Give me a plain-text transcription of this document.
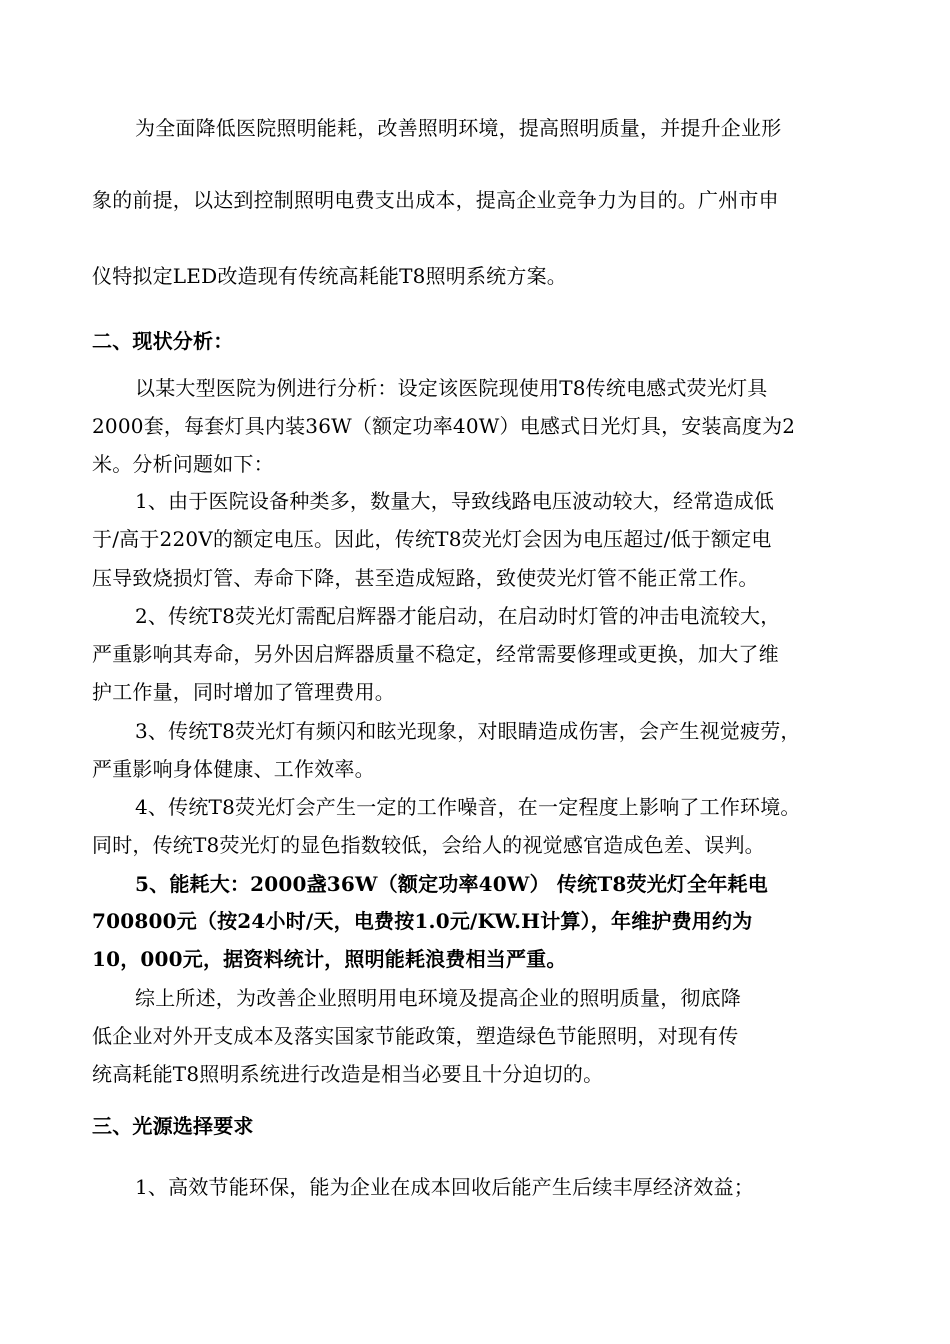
为全面降低医院照明能耗，改善照明环境，提高照明质量，并提升企业形
象的前提，以达到控制照明电费支出成本，提高企业竞争力为目的。广州市申
仪特拟定LED改造现有传统高耗能T8照明系统方案。
二、现状分析：
以某大型医院为例进行分析：设定该医院现使用T8传统电感式荧光灯具
2000套，每套灯具内装36W（额定功率40W）电感式日光灯具，安装高度为2
米。分析问题如下：
1、由于医院设备种类多，数量大，导致线路电压波动较大，经常造成低
于/高于220V的额定电压。因此，传统T8荧光灯会因为电压超过/低于额定电
压导致烧损灯管、寿命下降，甚至造成短路，致使荧光灯管不能正常工作。
2、传统T8荧光灯需配启辉器才能启动，在启动时灯管的冲击电流较大，
严重影响其寿命，另外因启辉器质量不稳定，经常需要修理或更换，加大了维
护工作量，同时增加了管理费用。
3、传统T8荧光灯有频闪和眩光现象，对眼睛造成伤害，会产生视觉疲劳，
严重影响身体健康、工作效率。
4、传统T8荧光灯会产生一定的工作噪音，在一定程度上影响了工作环境。
同时，传统T8荧光灯的显色指数较低，会给人的视觉感官造成色差、误判。
5、能耗大：2000盏36W（额定功率40W） 传统T8荧光灯全年耗电
700800元（按24小时/天，电费按1.0元/KW.H计算），年维护费用约为
10，000元，据资料统计，照明能耗浪费相当严重。
综上所述，为改善企业照明用电环境及提高企业的照明质量，彻底降
低企业对外开支成本及落实国家节能政策，塑造绿色节能照明，对现有传
统高耗能T8照明系统进行改造是相当必要且十分迫切的。
三、光源选择要求
1、高效节能环保，能为企业在成本回收后能产生后续丰厚经济效益；
